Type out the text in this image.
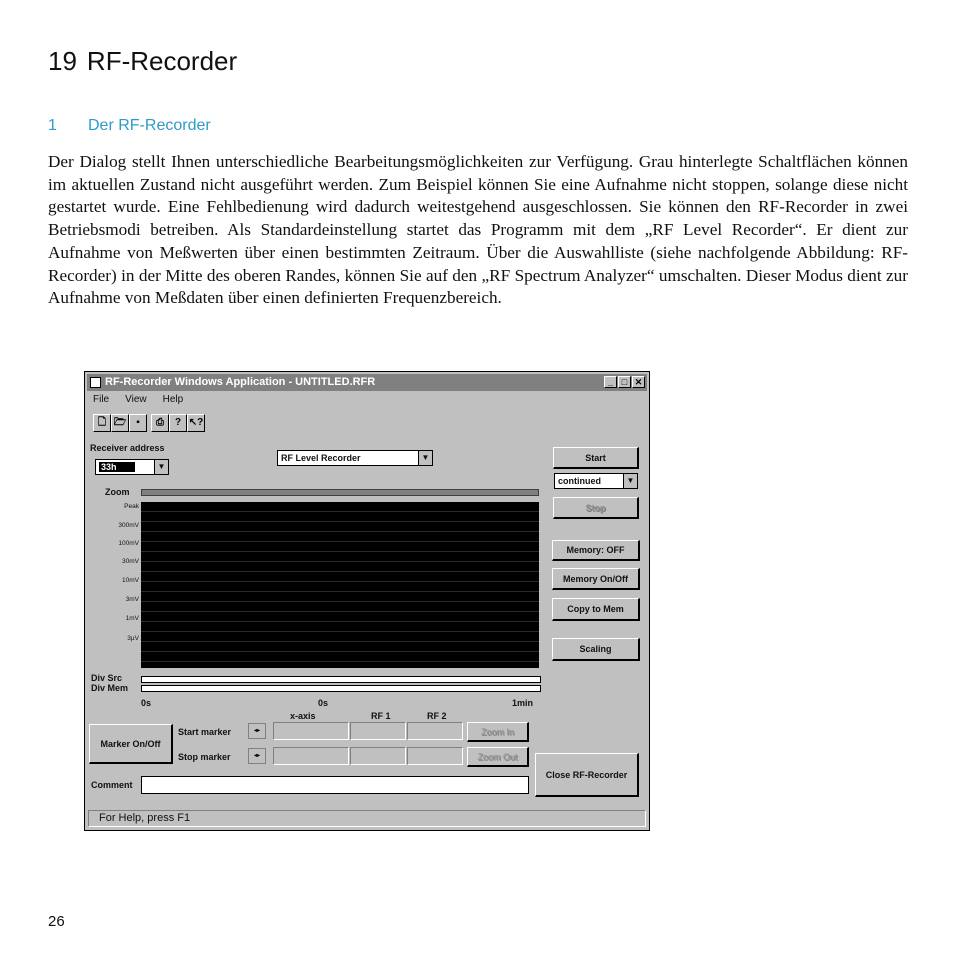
19 RF-Recorder
1 Der RF-Recorder
Der Dialog stellt Ihnen unterschiedliche Bearbeitungsmöglichkeiten zur Verfügung. Grau hinterlegte Schaltflächen können im aktuellen Zustand nicht ausgeführt werden. Zum Beispiel können Sie eine Aufnahme nicht stoppen, solange diese nicht gestartet wurde. Eine Fehlbedienung wird dadurch weitestgehend ausgeschlossen. Sie können den RF-Recorder in zwei Betriebsmodi betreiben. Als Standardeinstellung startet das Programm mit dem „RF Level Recorder“. Er dient zur Aufnahme von Meßwerten über einen bestimmten Zeitraum. Über die Auswahlliste (siehe nachfolgende Abbildung: RF-Recorder) in der Mitte des oberen Randes, können Sie auf den „RF Spectrum Analyzer“ umschalten. Dieser Modus dient zur Aufnahme von Meßdaten über einen definierten Frequenzbereich.
RF-Recorder Windows Application - UNTITLED.RFR	_ □ ✕
File View Help
🗋 🗁	▪	⎙	? ↖?
Receiver address
33h	▼
RF Level Recorder	▼	Start
continued	▼
Stop
Memory: OFF
Memory On/Off
Copy to Mem
Scaling
Zoom
Peak
300mV
100mV
30mV
10mV
3mV
1mV
3µV
Div Src
Div Mem
0s	0s	1min
x-axis	RF 1	RF 2
Marker On/Off
Start marker	◂▸	Zoom In
Stop marker	◂▸	Zoom Out
Close RF-Recorder
Comment
For Help, press F1
26
